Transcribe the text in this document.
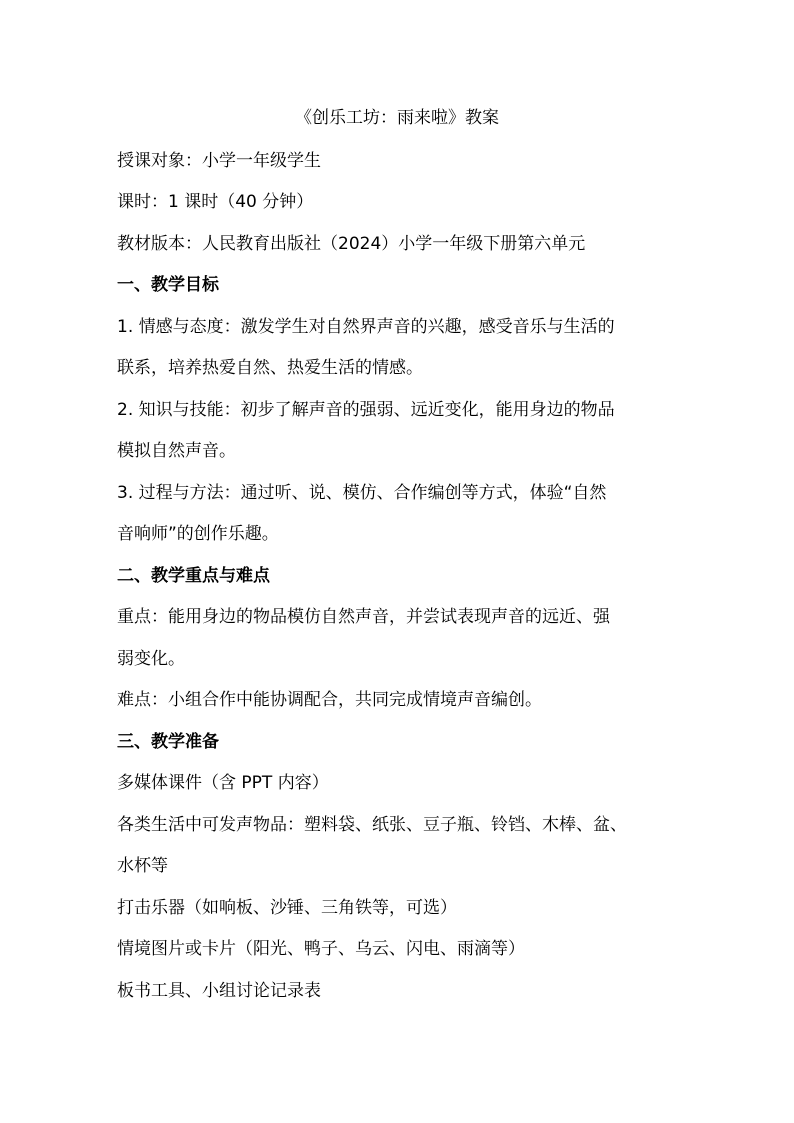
《创乐工坊：雨来啦》教案
授课对象：小学一年级学生
课时：1 课时（40 分钟）
教材版本：人民教育出版社（2024）小学一年级下册第六单元
一、教学目标
1. 情感与态度：激发学生对自然界声音的兴趣，感受音乐与生活的
联系，培养热爱自然、热爱生活的情感。
2. 知识与技能：初步了解声音的强弱、远近变化，能用身边的物品
模拟自然声音。
3. 过程与方法：通过听、说、模仿、合作编创等方式，体验“自然
音响师”的创作乐趣。
二、教学重点与难点
重点：能用身边的物品模仿自然声音，并尝试表现声音的远近、强
弱变化。
难点：小组合作中能协调配合，共同完成情境声音编创。
三、教学准备
多媒体课件（含 PPT 内容）
各类生活中可发声物品：塑料袋、纸张、豆子瓶、铃铛、木棒、盆、
水杯等
打击乐器（如响板、沙锤、三角铁等，可选）
情境图片或卡片（阳光、鸭子、乌云、闪电、雨滴等）
板书工具、小组讨论记录表
